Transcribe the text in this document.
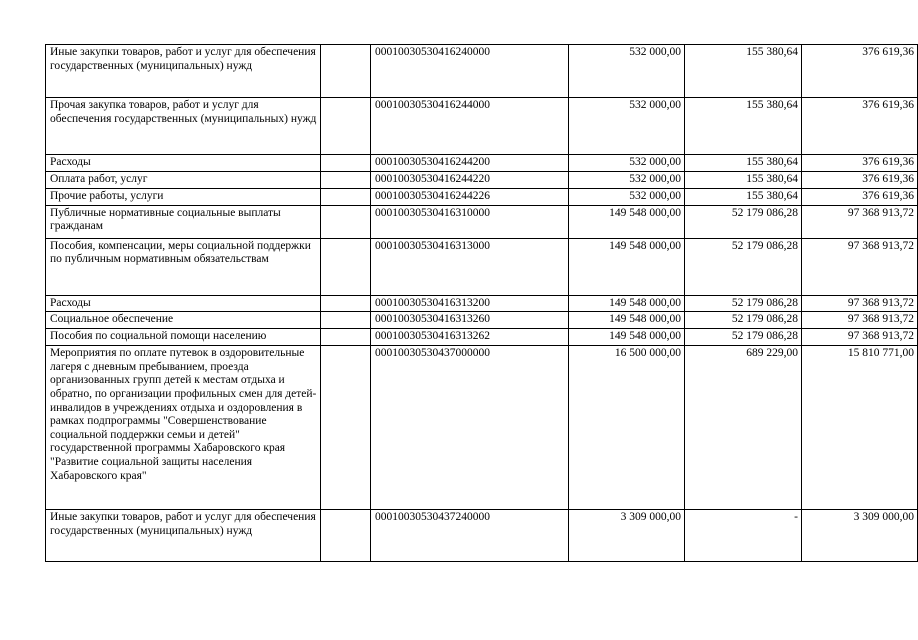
Иные закупки товаров, работ и услуг для обеспечения государственных (муниципальных) нужд		00010030530416240000	532 000,00	155 380,64	376 619,36
Прочая закупка товаров, работ и услуг для обеспечения государственных (муниципальных) нужд		00010030530416244000	532 000,00	155 380,64	376 619,36
Расходы		00010030530416244200	532 000,00	155 380,64	376 619,36
Оплата работ, услуг		00010030530416244220	532 000,00	155 380,64	376 619,36
Прочие работы, услуги		00010030530416244226	532 000,00	155 380,64	376 619,36
Публичные нормативные социальные выплаты гражданам		00010030530416310000	149 548 000,00	52 179 086,28	97 368 913,72
Пособия, компенсации, меры социальной поддержки по публичным нормативным обязательствам		00010030530416313000	149 548 000,00	52 179 086,28	97 368 913,72
Расходы		00010030530416313200	149 548 000,00	52 179 086,28	97 368 913,72
Социальное обеспечение		00010030530416313260	149 548 000,00	52 179 086,28	97 368 913,72
Пособия по социальной помощи населению		00010030530416313262	149 548 000,00	52 179 086,28	97 368 913,72
Мероприятия по оплате путевок в оздоровительные лагеря с дневным пребыванием, проезда организованных групп детей к местам отдыха и обратно, по организации профильных смен для детей-инвалидов в учреждениях отдыха и оздоровления в рамках подпрограммы "Совершенствование социальной поддержки семьи и детей" государственной программы Хабаровского края "Развитие социальной защиты населения Хабаровского края"		00010030530437000000	16 500 000,00	689 229,00	15 810 771,00
Иные закупки товаров, работ и услуг для обеспечения государственных (муниципальных) нужд		00010030530437240000	3 309 000,00	-	3 309 000,00
